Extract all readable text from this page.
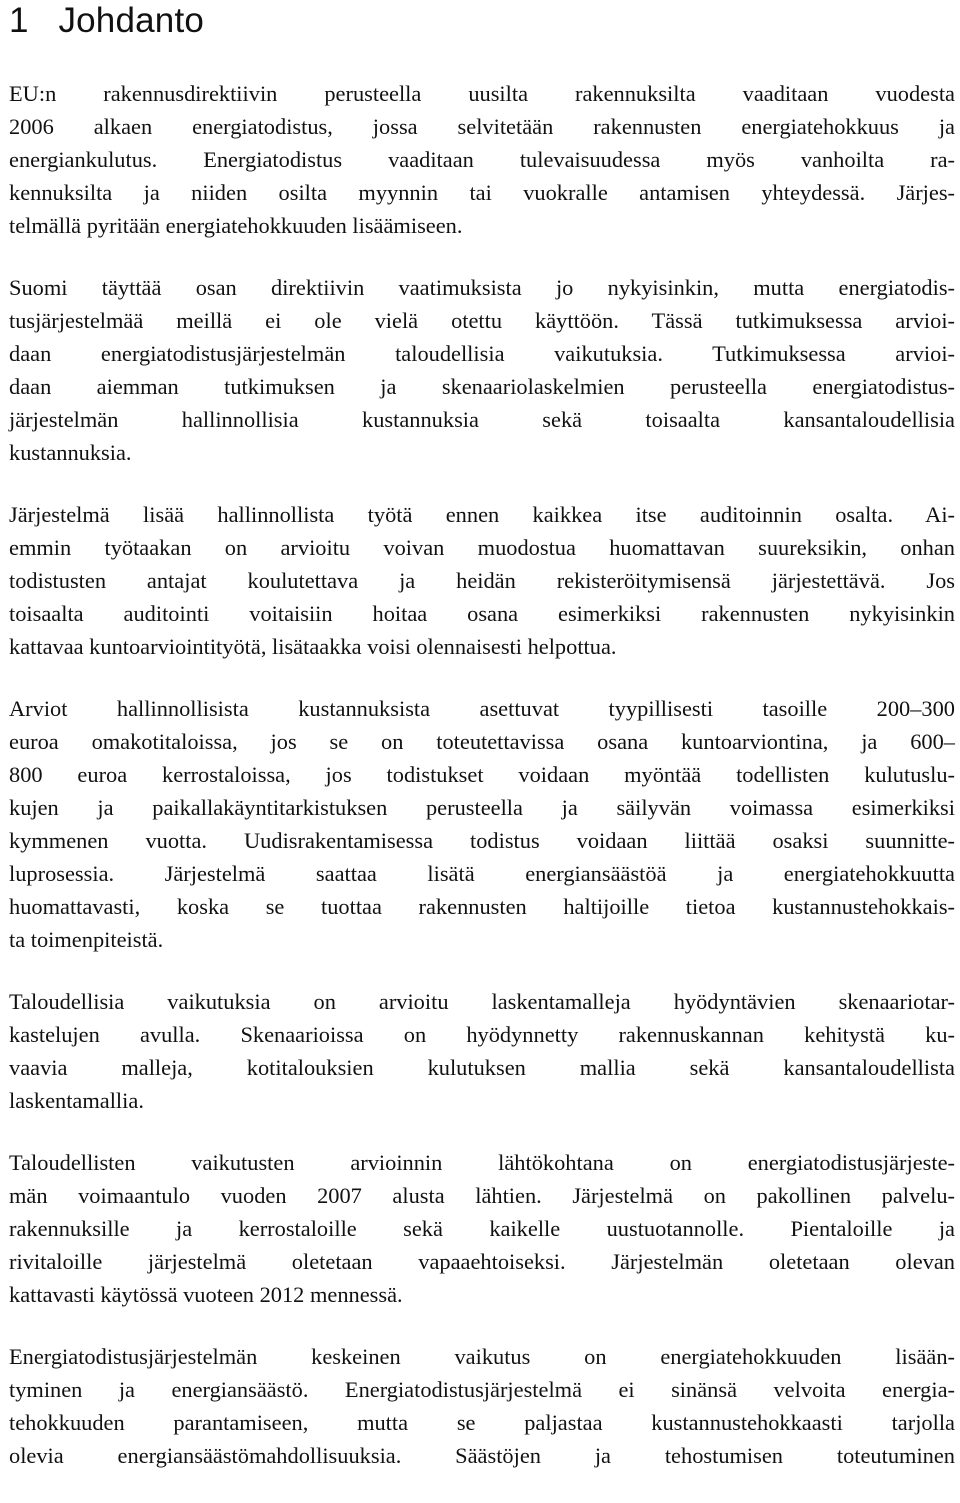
1   Johdanto

EU:n rakennusdirektiivin perusteella uusilta rakennuksilta vaaditaan vuodesta
2006 alkaen energiatodistus, jossa selvitetään rakennusten energiatehokkuus ja
energiankulutus. Energiatodistus vaaditaan tulevaisuudessa myös vanhoilta ra-
kennuksilta ja niiden osilta myynnin tai vuokralle antamisen yhteydessä. Järjes-
telmällä pyritään energiatehokkuuden lisäämiseen.

Suomi täyttää osan direktiivin vaatimuksista jo nykyisinkin, mutta energiatodis-
tusjärjestelmää meillä ei ole vielä otettu käyttöön. Tässä tutkimuksessa arvioi-
daan energiatodistusjärjestelmän taloudellisia vaikutuksia. Tutkimuksessa arvioi-
daan aiemman tutkimuksen ja skenaariolaskelmien perusteella energiatodistus-
järjestelmän hallinnollisia kustannuksia sekä toisaalta kansantaloudellisia
kustannuksia.

Järjestelmä lisää hallinnollista työtä ennen kaikkea itse auditoinnin osalta. Ai-
emmin työtaakan on arvioitu voivan muodostua huomattavan suureksikin, onhan
todistusten antajat koulutettava ja heidän rekisteröitymisensä järjestettävä. Jos
toisaalta auditointi voitaisiin hoitaa osana esimerkiksi rakennusten nykyisinkin
kattavaa kuntoarviointityötä, lisätaakka voisi olennaisesti helpottua.

Arviot hallinnollisista kustannuksista asettuvat tyypillisesti tasoille 200–300
euroa omakotitaloissa, jos se on toteutettavissa osana kuntoarviontina, ja 600–
800 euroa kerrostaloissa, jos todistukset voidaan myöntää todellisten kulutuslu-
kujen ja paikallakäyntitarkistuksen perusteella ja säilyvän voimassa esimerkiksi
kymmenen vuotta. Uudisrakentamisessa todistus voidaan liittää osaksi suunnitte-
luprosessia. Järjestelmä saattaa lisätä energiansäästöä ja energiatehokkuutta
huomattavasti, koska se tuottaa rakennusten haltijoille tietoa kustannustehokkais-
ta toimenpiteistä.

Taloudellisia vaikutuksia on arvioitu laskentamalleja hyödyntävien skenaariotar-
kastelujen avulla. Skenaarioissa on hyödynnetty rakennuskannan kehitystä ku-
vaavia malleja, kotitalouksien kulutuksen mallia sekä kansantaloudellista
laskentamallia.

Taloudellisten vaikutusten arvioinnin lähtökohtana on energiatodistusjärjeste-
män voimaantulo vuoden 2007 alusta lähtien. Järjestelmä on pakollinen palvelu-
rakennuksille ja kerrostaloille sekä kaikelle uustuotannolle. Pientaloille ja
rivitaloille järjestelmä oletetaan vapaaehtoiseksi. Järjestelmän oletetaan olevan
kattavasti käytössä vuoteen 2012 mennessä.

Energiatodistusjärjestelmän keskeinen vaikutus on energiatehokkuuden lisään-
tyminen ja energiansäästö. Energiatodistusjärjestelmä ei sinänsä velvoita energia-
tehokkuuden parantamiseen, mutta se paljastaa kustannustehokkaasti tarjolla
olevia energiansäästömahdollisuuksia. Säästöjen ja tehostumisen toteutuminen
